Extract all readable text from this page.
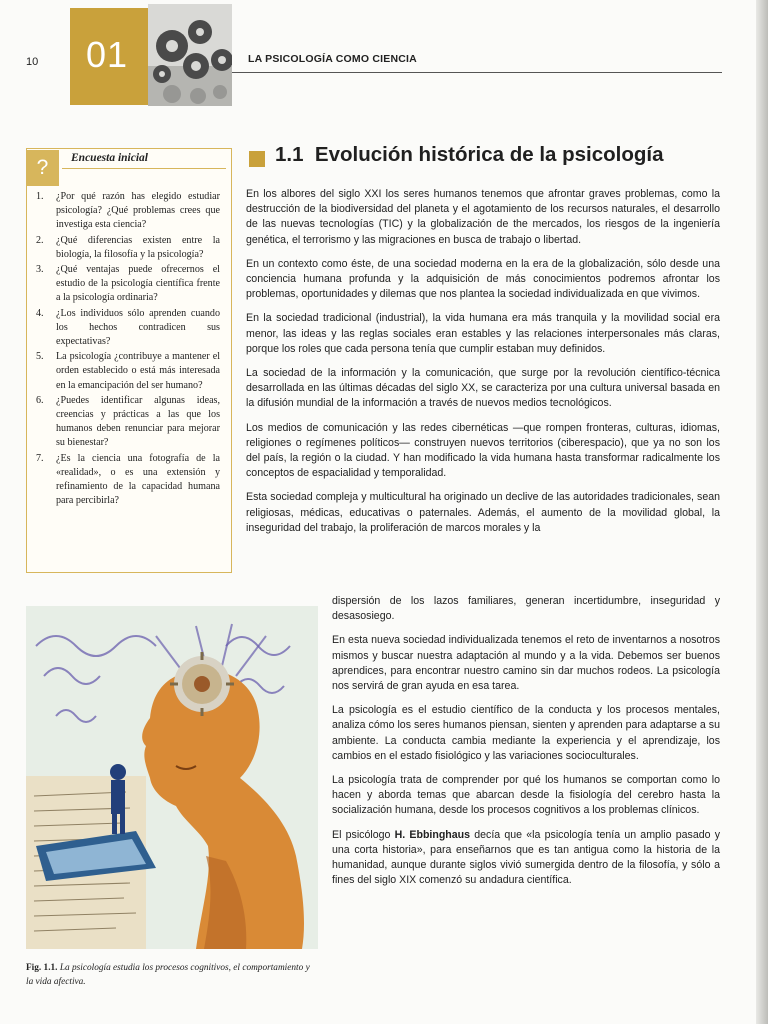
10 01	LA PSICOLOGÍA COMO CIENCIA
?	Encuesta inicial
1.	¿Por qué razón has elegido estudiar psicología? ¿Qué problemas crees que investiga esta ciencia?
2.	¿Qué diferencias existen entre la biología, la filosofía y la psicología?
3.	¿Qué ventajas puede ofrecernos el estudio de la psicología científica frente a la psicología ordinaria?
4.	¿Los individuos sólo aprenden cuando los hechos contradicen sus expectativas?
5.	La psicología ¿contribuye a mantener el orden establecido o está más interesada en la emancipación del ser humano?
6.	¿Puedes identificar algunas ideas, creencias y prácticas a las que los humanos deben renunciar para mejorar su bienestar?
7.	¿Es la ciencia una fotografía de la «realidad», o es una extensión y refinamiento de la capacidad humana para percibirla?
1.1 Evolución histórica de la psicología

En los albores del siglo XXI los seres humanos tenemos que afrontar graves problemas, como la destrucción de la biodiversidad del planeta y el agotamiento de los recursos naturales, el desarrollo de las nuevas tecnologías (TIC) y la globalización de the mercados, los riesgos de la ingeniería genética, el terrorismo y las migraciones en busca de trabajo o libertad.

En un contexto como éste, de una sociedad moderna en la era de la globalización, sólo desde una conciencia humana profunda y la adquisición de más conocimientos podremos afrontar los problemas, oportunidades y dilemas que nos plantea la sociedad individualizada en que vivimos.

En la sociedad tradicional (industrial), la vida humana era más tranquila y la movilidad social era menor, las ideas y las reglas sociales eran estables y las relaciones interpersonales más claras, porque los roles que cada persona tenía que cumplir estaban muy definidos.

La sociedad de la información y la comunicación, que surge por la revolución científico-técnica desarrollada en las últimas décadas del siglo XX, se caracteriza por una cultura universal basada en la difusión mundial de la información a través de nuevos medios tecnológicos.

Los medios de comunicación y las redes cibernéticas —que rompen fronteras, culturas, idiomas, religiones o regímenes políticos— construyen nuevos territorios (ciberespacio), que ya no son los del país, la región o la ciudad. Y han modificado la vida humana hasta transformar radicalmente los conceptos de espacialidad y temporalidad.

Esta sociedad compleja y multicultural ha originado un declive de las autoridades tradicionales, sean religiosas, médicas, educativas o paternales. Además, el aumento de la movilidad global, la inseguridad del trabajo, la proliferación de marcos morales y la

Fig. 1.1. La psicología estudia los procesos cognitivos, el comportamiento y la vida afectiva.

dispersión de los lazos familiares, generan incertidumbre, inseguridad y desasosiego.

En esta nueva sociedad individualizada tenemos el reto de inventarnos a nosotros mismos y buscar nuestra adaptación al mundo y a la vida. Debemos ser buenos aprendices, para encontrar nuestro camino sin dar muchos rodeos. La psicología nos servirá de gran ayuda en esa tarea.

La psicología es el estudio científico de la conducta y los procesos mentales, analiza cómo los seres humanos piensan, sienten y aprenden para adaptarse a su ambiente. La conducta cambia mediante la experiencia y el aprendizaje, los cambios en el estado fisiológico y las variaciones socioculturales.

La psicología trata de comprender por qué los humanos se comportan como lo hacen y aborda temas que abarcan desde la fisiología del cerebro hasta la socialización humana, desde los procesos cognitivos a los problemas clínicos.

El psicólogo H. Ebbinghaus decía que «la psicología tenía un amplio pasado y una corta historia», para enseñarnos que es tan antigua como la historia de la humanidad, aunque durante siglos vivió sumergida dentro de la filosofía, y sólo a fines del siglo XIX comenzó su andadura científica.
